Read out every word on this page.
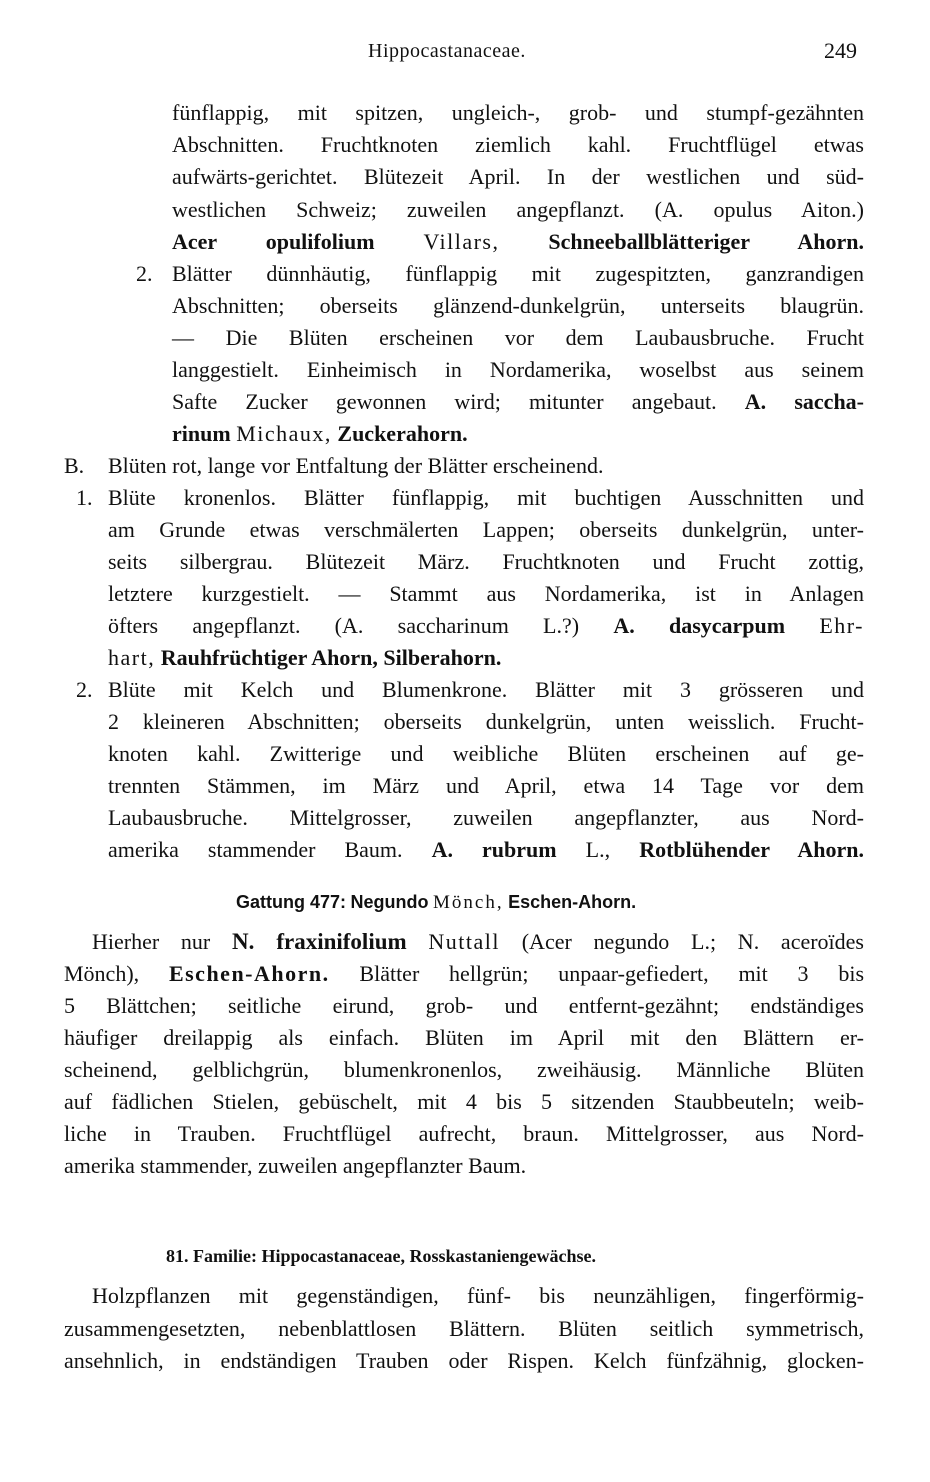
Hippocastanaceae.	249
fünflappig, mit spitzen, ungleich-, grob- und stumpf-gezähnten
Abschnitten. Fruchtknoten ziemlich kahl. Fruchtflügel etwas
aufwärts-gerichtet. Blütezeit April. In der westlichen und süd-
westlichen Schweiz; zuweilen angepflanzt. (A. opulus Aiton.)
Acer opulifolium Villars, Schneeballblätteriger Ahorn.
2. Blätter dünnhäutig, fünflappig mit zugespitzten, ganzrandigen
Abschnitten; oberseits glänzend-dunkelgrün, unterseits blaugrün.
— Die Blüten erscheinen vor dem Laubausbruche. Frucht
langgestielt. Einheimisch in Nordamerika, woselbst aus seinem
Safte Zucker gewonnen wird; mitunter angebaut. A. saccha-
rinum Michaux, Zuckerahorn.
B. Blüten rot, lange vor Entfaltung der Blätter erscheinend.
1. Blüte kronenlos. Blätter fünflappig, mit buchtigen Ausschnitten und
am Grunde etwas verschmälerten Lappen; oberseits dunkelgrün, unter-
seits silbergrau. Blütezeit März. Fruchtknoten und Frucht zottig,
letztere kurzgestielt. — Stammt aus Nordamerika, ist in Anlagen
öfters angepflanzt. (A. saccharinum L.?) A. dasycarpum Ehr-
hart, Rauhfrüchtiger Ahorn, Silberahorn.
2. Blüte mit Kelch und Blumenkrone. Blätter mit 3 grösseren und
2 kleineren Abschnitten; oberseits dunkelgrün, unten weisslich. Frucht-
knoten kahl. Zwitterige und weibliche Blüten erscheinen auf ge-
trennten Stämmen, im März und April, etwa 14 Tage vor dem
Laubausbruche. Mittelgrosser, zuweilen angepflanzter, aus Nord-
amerika stammender Baum. A. rubrum L., Rotblühender Ahorn.
Gattung 477: Negundo Mönch, Eschen-Ahorn.
Hierher nur N. fraxinifolium Nuttall (Acer negundo L.; N. aceroïdes
Mönch), Eschen-Ahorn. Blätter hellgrün; unpaar-gefiedert, mit 3 bis
5 Blättchen; seitliche eirund, grob- und entfernt-gezähnt; endständiges
häufiger dreilappig als einfach. Blüten im April mit den Blättern er-
scheinend, gelblichgrün, blumenkronenlos, zweihäusig. Männliche Blüten
auf fädlichen Stielen, gebüschelt, mit 4 bis 5 sitzenden Staubbeuteln; weib-
liche in Trauben. Fruchtflügel aufrecht, braun. Mittelgrosser, aus Nord-
amerika stammender, zuweilen angepflanzter Baum.
81. Familie: Hippocastanaceae, Rosskastaniengewächse.
Holzpflanzen mit gegenständigen, fünf- bis neunzähligen, fingerförmig-
zusammengesetzten, nebenblattlosen Blättern. Blüten seitlich symmetrisch,
ansehnlich, in endständigen Trauben oder Rispen. Kelch fünfzähnig, glocken-
